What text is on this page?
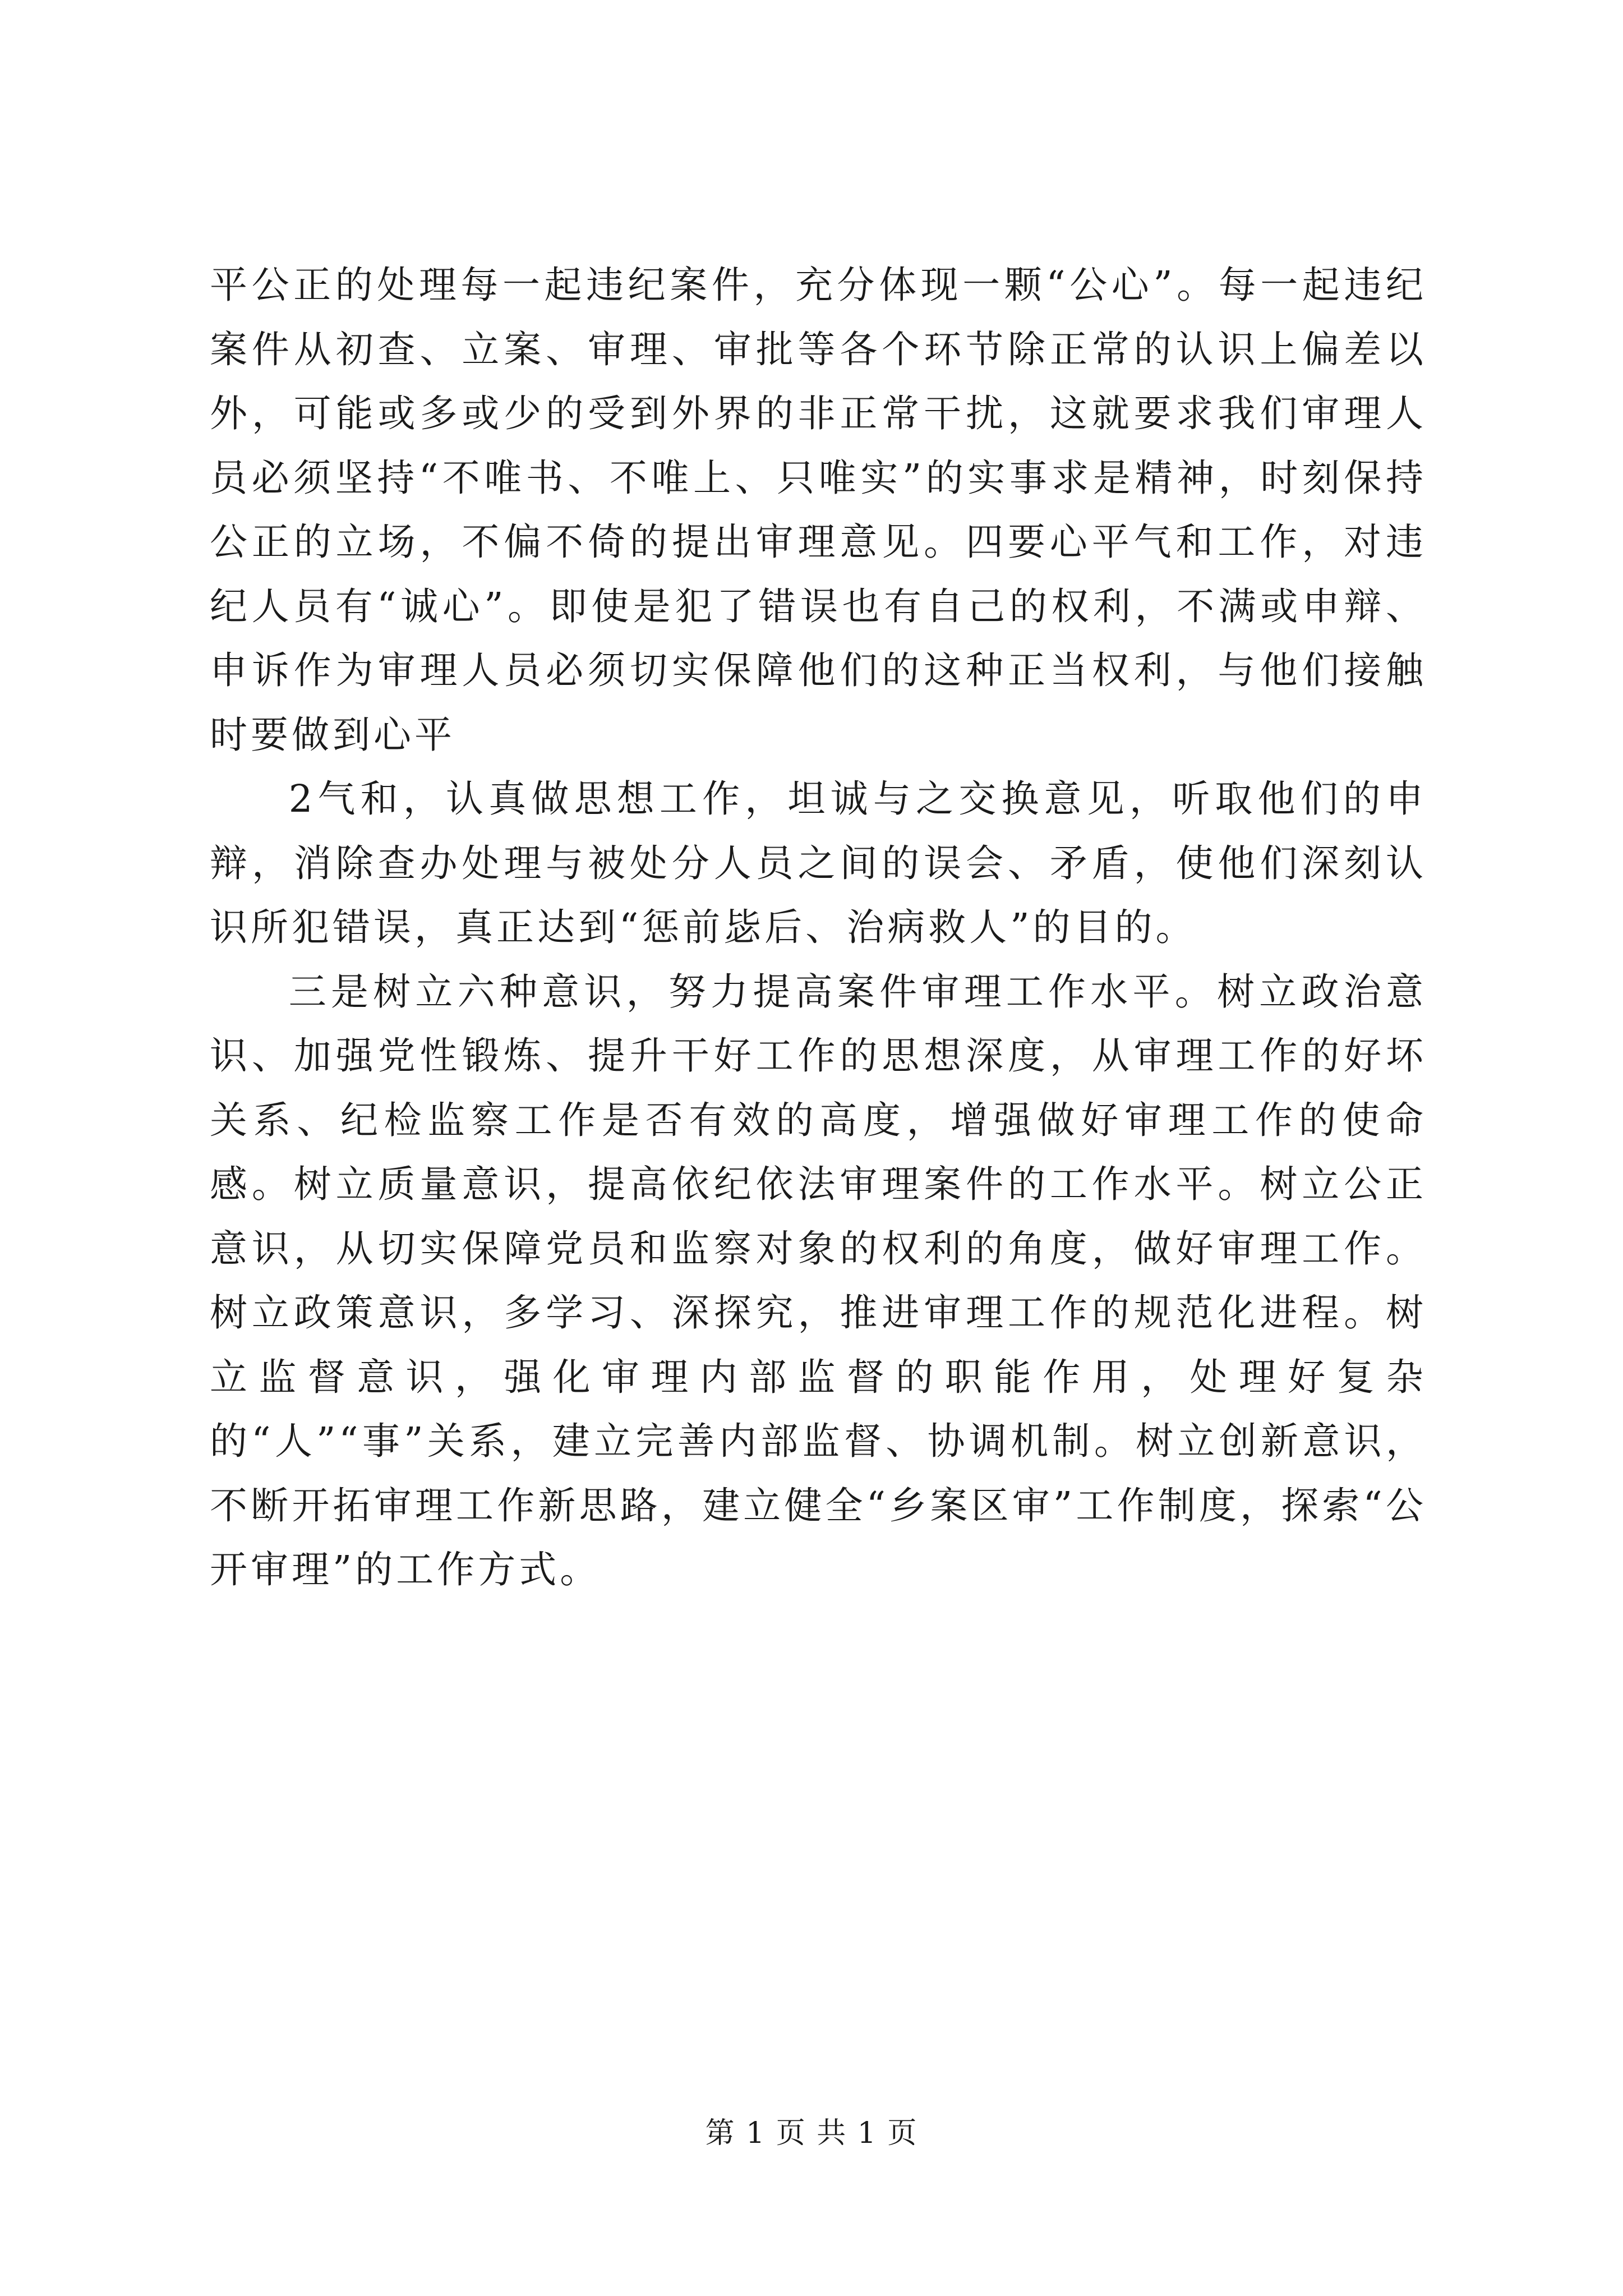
平公正的处理每一起违纪案件，充分体现一颗“公心”。每一起违纪案件从初查、立案、审理、审批等各个环节除正常的认识上偏差以外，可能或多或少的受到外界的非正常干扰，这就要求我们审理人员必须坚持“不唯书、不唯上、只唯实”的实事求是精神，时刻保持公正的立场，不偏不倚的提出审理意见。四要心平气和工作，对违纪人员有“诚心”。即使是犯了错误也有自己的权利，不满或申辩、申诉作为审理人员必须切实保障他们的这种正当权利，与他们接触时要做到心平

2气和，认真做思想工作，坦诚与之交换意见，听取他们的申辩，消除查办处理与被处分人员之间的误会、矛盾，使他们深刻认识所犯错误，真正达到“惩前毖后、治病救人”的目的。

三是树立六种意识，努力提高案件审理工作水平。树立政治意识、加强党性锻炼、提升干好工作的思想深度，从审理工作的好坏关系、纪检监察工作是否有效的高度，增强做好审理工作的使命感。树立质量意识，提高依纪依法审理案件的工作水平。树立公正意识，从切实保障党员和监察对象的权利的角度，做好审理工作。树立政策意识，多学习、深探究，推进审理工作的规范化进程。树立监督意识，强化审理内部监督的职能作用，处理好复杂的“人”“事”关系，建立完善内部监督、协调机制。树立创新意识，不断开拓审理工作新思路，建立健全“乡案区审”工作制度，探索“公开审理”的工作方式。

第 1 页 共 1 页
